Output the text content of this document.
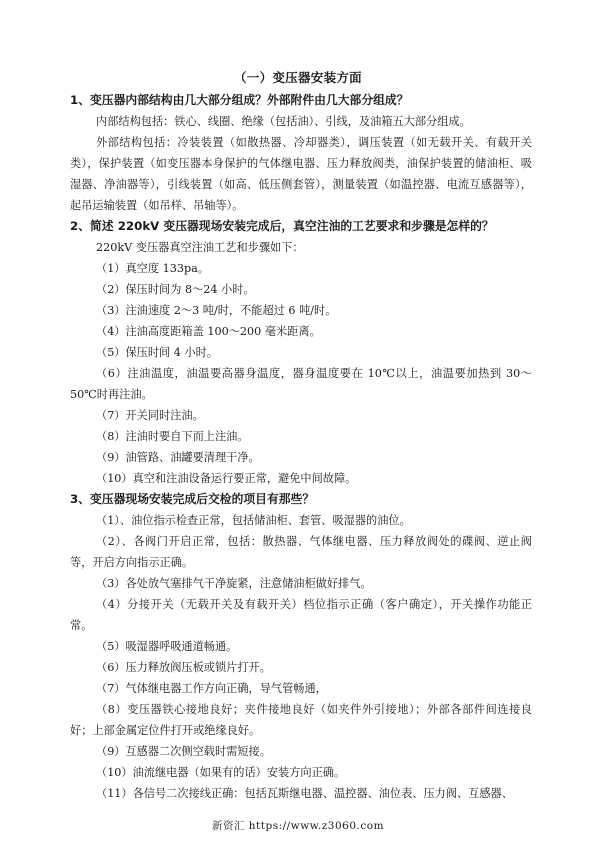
（一）变压器安装方面

1、变压器内部结构由几大部分组成？外部附件由几大部分组成？

内部结构包括：铁心、线圈、绝缘（包括油）、引线，及油箱五大部分组成。

外部结构包括：冷装装置（如散热器、冷却器类），调压装置（如无载开关、有载开关类），保护装置（如变压器本身保护的气体继电器、压力释放阀类，油保护装置的储油柜、吸湿器、净油器等），引线装置（如高、低压侧套管），测量装置（如温控器、电流互感器等），起吊运输装置（如吊样、吊轴等）。

2、简述 220kV 变压器现场安装完成后，真空注油的工艺要求和步骤是怎样的？

220kV 变压器真空注油工艺和步骤如下：

（1）真空度 133pa。

（2）保压时间为 8～24 小时。

（3）注油速度 2～3 吨/时，不能超过 6 吨/时。

（4）注油高度距箱盖 100～200 毫米距离。

（5）保压时间 4 小时。

（6）注油温度，油温要高器身温度，器身温度要在 10℃以上，油温要加热到 30～50℃时再注油。

（7）开关同时注油。

（8）注油时要自下而上注油。

（9）油管路、油罐要清理干净。

（10）真空和注油设备运行要正常，避免中间故障。

3、变压器现场安装完成后交检的项目有那些？

（1）、油位指示检查正常，包括储油柜、套管、吸湿器的油位。

（2）、各阀门开启正常，包括：散热器、气体继电器、压力释放阀处的碟阀、逆止阀等，开启方向指示正确。

（3）各处放气塞排气干净旋紧，注意储油柜做好排气。

（4）分接开关（无载开关及有载开关）档位指示正确（客户确定），开关操作功能正常。

（5）吸湿器呼吸通道畅通。

（6）压力释放阀压板或锁片打开。

（7）气体继电器工作方向正确，导气管畅通，

（8）变压器铁心接地良好；夹件接地良好（如夹件外引接地）；外部各部件间连接良好；上部金属定位件打开或绝缘良好。

（9）互感器二次侧空载时需短接。

（10）油流继电器（如果有的话）安装方向正确。

（11）各信号二次接线正确：包括瓦斯继电器、温控器、油位表、压力阀、互感器、

新资汇 https://www.z3060.com
